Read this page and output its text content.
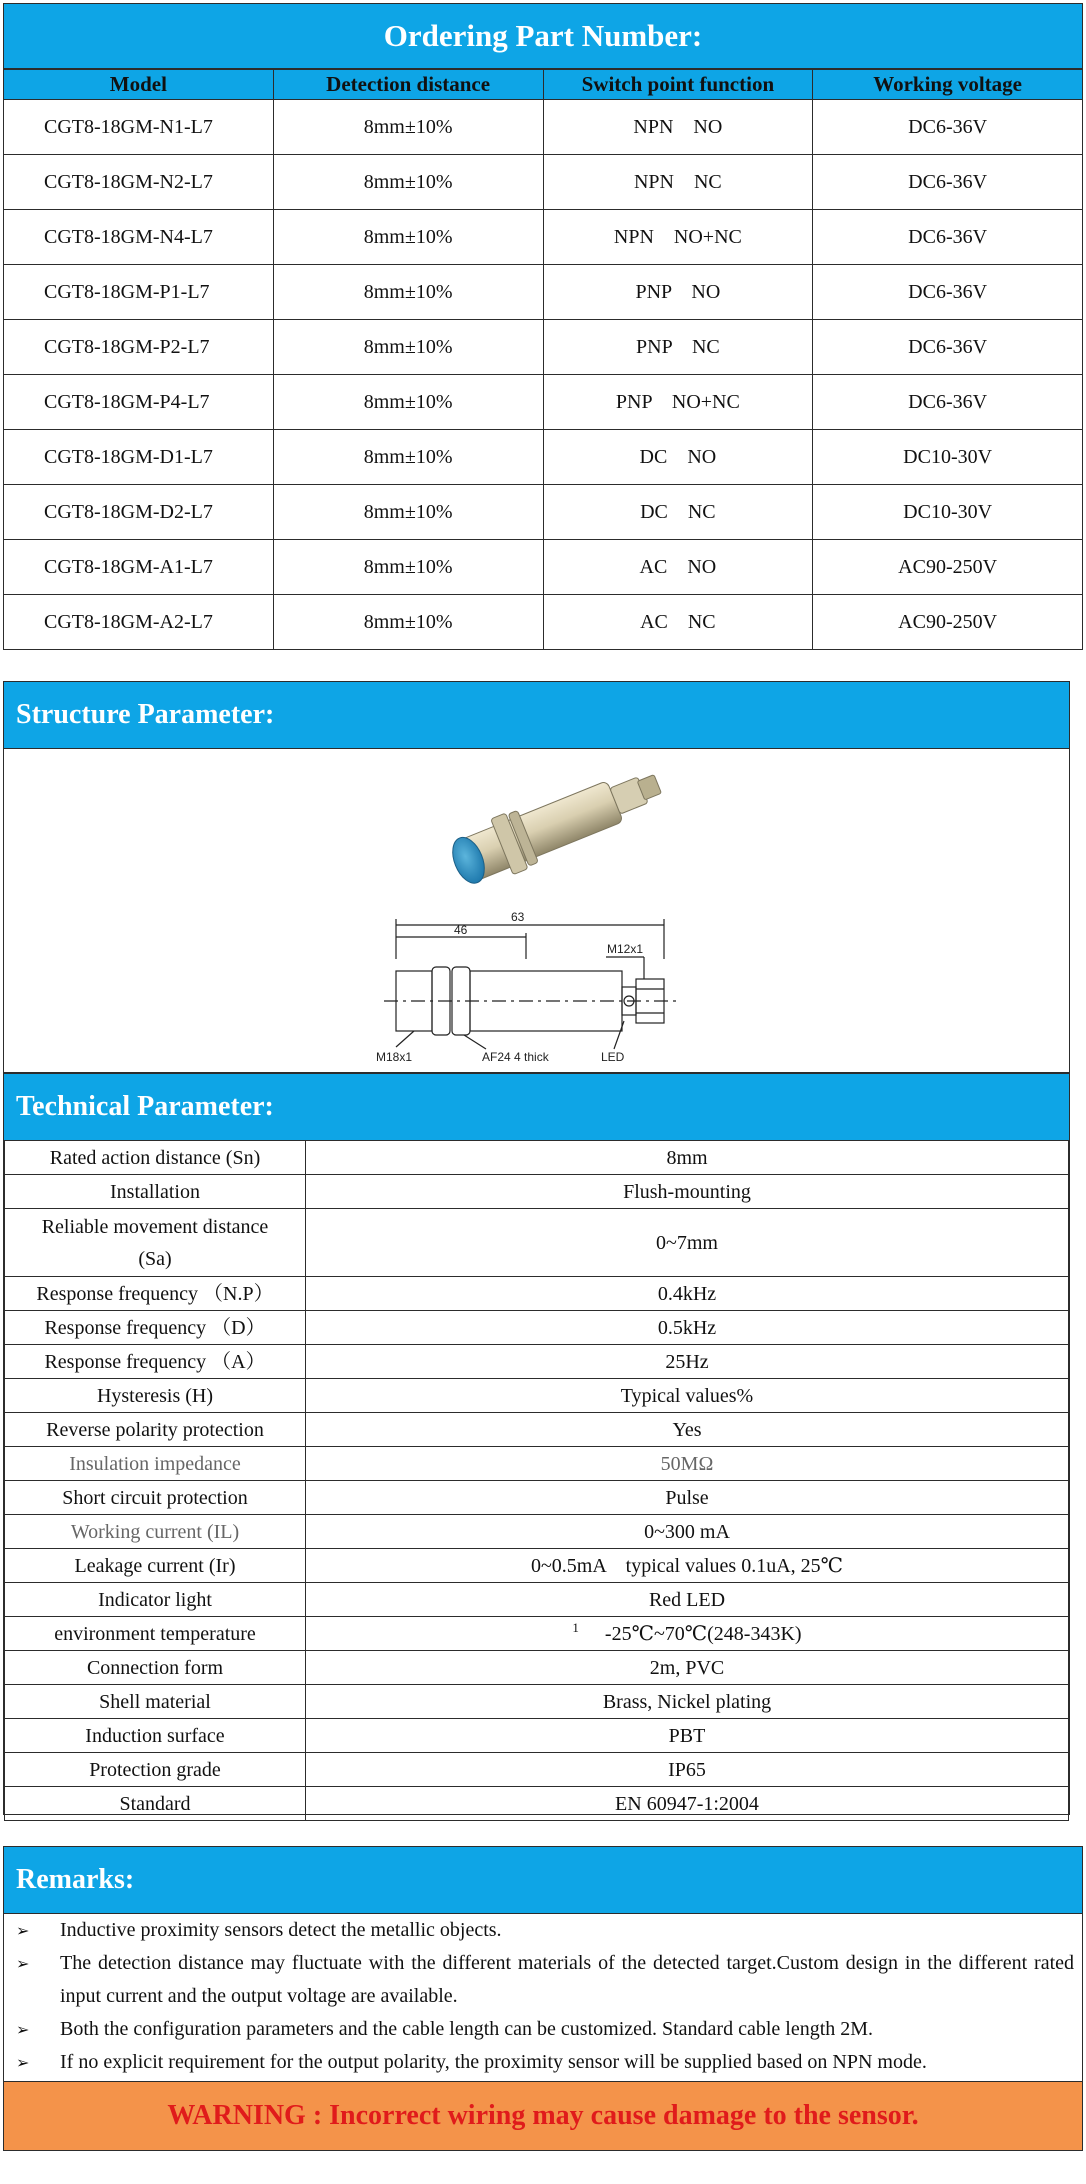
Ordering Part Number:
Model	Detection distance	Switch point function	Working voltage
CGT8-18GM-N1-L7	8mm±10%	NPN    NO	DC6-36V
CGT8-18GM-N2-L7	8mm±10%	NPN    NC	DC6-36V
CGT8-18GM-N4-L7	8mm±10%	NPN    NO+NC	DC6-36V
CGT8-18GM-P1-L7	8mm±10%	PNP    NO	DC6-36V
CGT8-18GM-P2-L7	8mm±10%	PNP    NC	DC6-36V
CGT8-18GM-P4-L7	8mm±10%	PNP    NO+NC	DC6-36V
CGT8-18GM-D1-L7	8mm±10%	DC    NO	DC10-30V
CGT8-18GM-D2-L7	8mm±10%	DC    NC	DC10-30V
CGT8-18GM-A1-L7	8mm±10%	AC    NO	AC90-250V
CGT8-18GM-A2-L7	8mm±10%	AC    NC	AC90-250V
Structure Parameter:
63
46
M12x1
M18x1	AF24 4 thick	LED
Technical Parameter:
Rated action distance (Sn)	8mm
Installation	Flush-mounting
Reliable movement distance (Sa)	0~7mm
Response frequency （N.P）	0.4kHz
Response frequency （D）	0.5kHz
Response frequency （A）	25Hz
Hysteresis (H)	Typical values%
Reverse polarity protection	Yes
Insulation impedance	50MΩ
Short circuit protection	Pulse
Working current (IL)	0~300 mA
Leakage current (Ir)	0~0.5mA    typical values 0.1uA, 25℃
Indicator light	Red LED
environment temperature	$^1$ -25℃~70℃(248-343K)
Connection form	2m, PVC
Shell material	Brass, Nickel plating
Induction surface	PBT
Protection grade	IP65
Standard	EN 60947-1:2004
Remarks:
➢ Inductive proximity sensors detect the metallic objects.
➢ The detection distance may fluctuate with the different materials of the detected target.Custom design in the different rated input current and the output voltage are available.
➢ Both the configuration parameters and the cable length can be customized. Standard cable length 2M.
➢ If no explicit requirement for the output polarity, the proximity sensor will be supplied based on NPN mode.
WARNING : Incorrect wiring may cause damage to the sensor.
